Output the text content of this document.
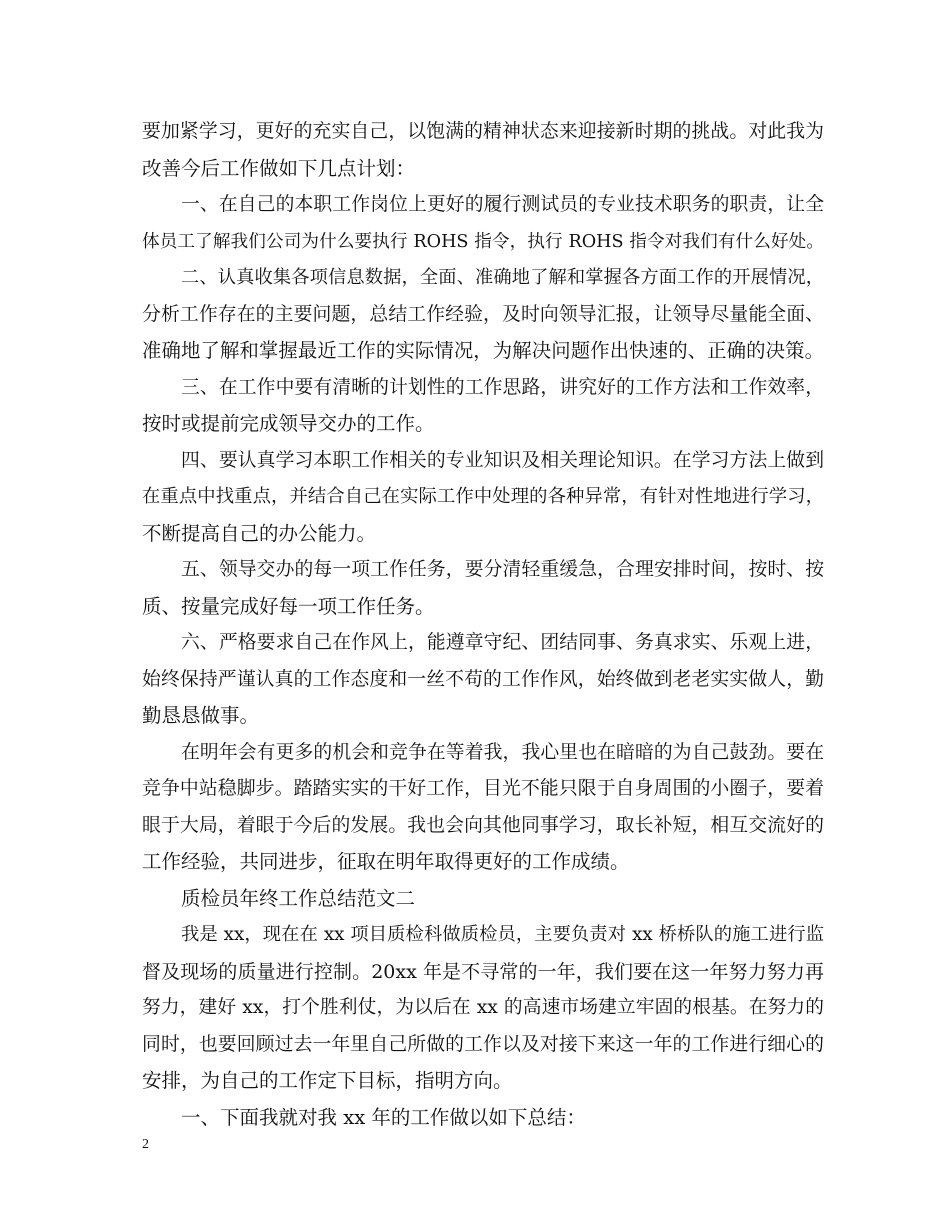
要加紧学习，更好的充实自己，以饱满的精神状态来迎接新时期的挑战。对此我为
改善今后工作做如下几点计划：
一、在自己的本职工作岗位上更好的履行测试员的专业技术职务的职责，让全
体员工了解我们公司为什么要执行 ROHS 指令，执行 ROHS 指令对我们有什么好处。
二、认真收集各项信息数据，全面、准确地了解和掌握各方面工作的开展情况，
分析工作存在的主要问题，总结工作经验，及时向领导汇报，让领导尽量能全面、
准确地了解和掌握最近工作的实际情况，为解决问题作出快速的、正确的决策。
三、在工作中要有清晰的计划性的工作思路，讲究好的工作方法和工作效率，
按时或提前完成领导交办的工作。
四、要认真学习本职工作相关的专业知识及相关理论知识。在学习方法上做到
在重点中找重点，并结合自己在实际工作中处理的各种异常，有针对性地进行学习，
不断提高自己的办公能力。
五、领导交办的每一项工作任务，要分清轻重缓急，合理安排时间，按时、按
质、按量完成好每一项工作任务。
六、严格要求自己在作风上，能遵章守纪、团结同事、务真求实、乐观上进，
始终保持严谨认真的工作态度和一丝不苟的工作作风，始终做到老老实实做人，勤
勤恳恳做事。
在明年会有更多的机会和竞争在等着我，我心里也在暗暗的为自己鼓劲。要在
竞争中站稳脚步。踏踏实实的干好工作，目光不能只限于自身周围的小圈子，要着
眼于大局，着眼于今后的发展。我也会向其他同事学习，取长补短，相互交流好的
工作经验，共同进步，征取在明年取得更好的工作成绩。
质检员年终工作总结范文二
我是 xx，现在在 xx 项目质检科做质检员，主要负责对 xx 桥桥队的施工进行监
督及现场的质量进行控制。20xx 年是不寻常的一年，我们要在这一年努力努力再
努力，建好 xx，打个胜利仗，为以后在 xx 的高速市场建立牢固的根基。在努力的
同时，也要回顾过去一年里自己所做的工作以及对接下来这一年的工作进行细心的
安排，为自己的工作定下目标，指明方向。
一、下面我就对我 xx 年的工作做以如下总结：
2
